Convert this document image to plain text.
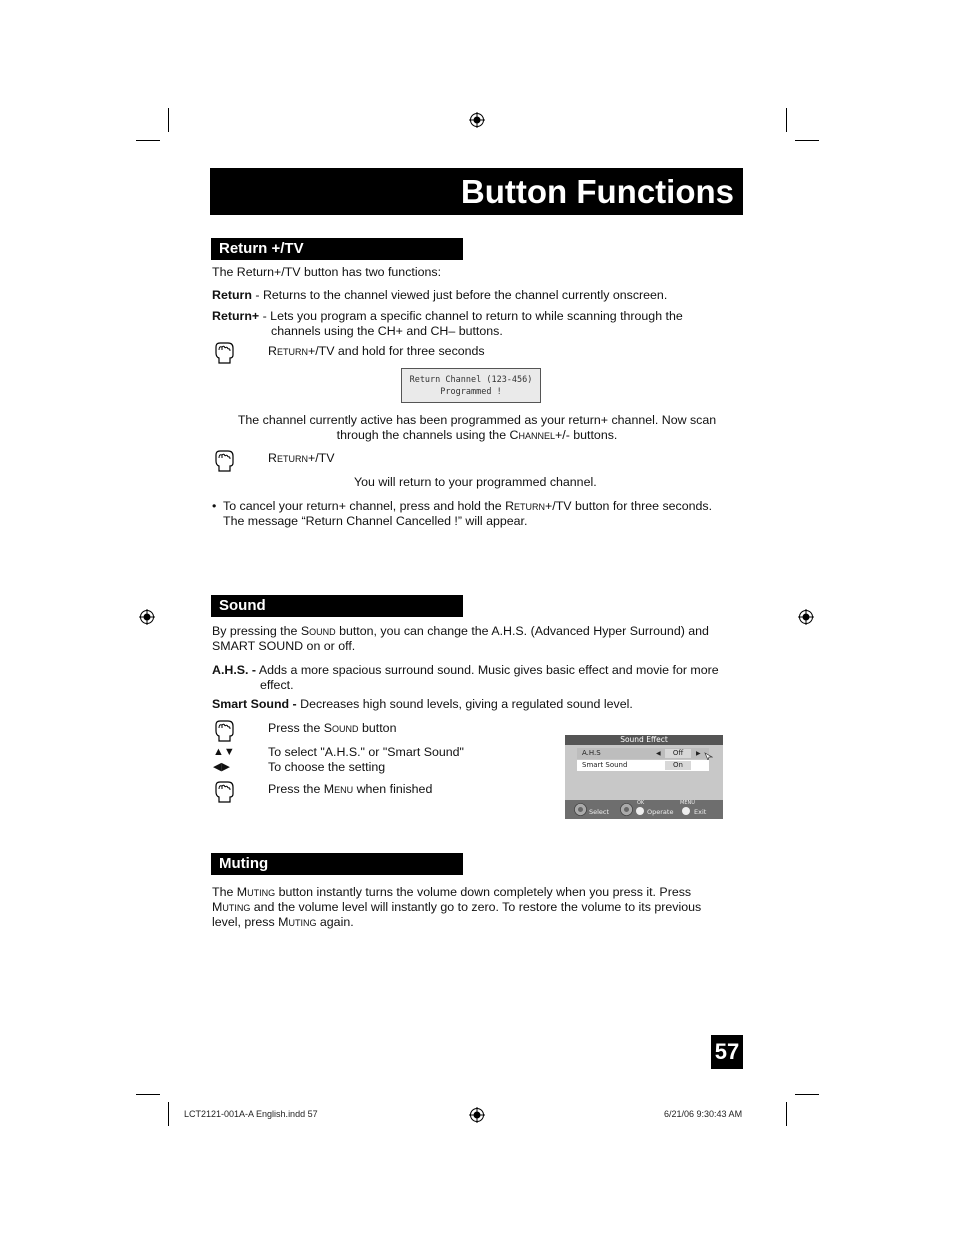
Button Functions
Return +/TV
The Return+/TV button has two functions:
Return - Returns to the channel viewed just before the channel currently onscreen.
Return+ - Lets you program a specific channel to return to while scanning through the
channels using the CH+ and CH– buttons.
Return+/TV and hold for three seconds
Return Channel (123-456)
Programmed !
The channel currently active has been programmed as your return+ channel. Now scan
through the channels using the Channel+/- buttons.
Return+/TV
You will return to your programmed channel.
• To cancel your return+ channel, press and hold the Return+/TV button for three seconds.
The message “Return Channel Cancelled !” will appear.
Sound
By pressing the Sound button, you can change the A.H.S. (Advanced Hyper Surround) and
SMART SOUND on or off.
A.H.S. - Adds a more spacious surround sound. Music gives basic effect and movie for more
effect.
Smart Sound - Decreases high sound levels, giving a regulated sound level.
Press the Sound button
▲▼	To select "A.H.S." or "Smart Sound"
◀▶	To choose the setting
Press the Menu when finished
Sound Effect
A.H.S	◀	Off	▶
Smart Sound	On
Select
OK
Operate
MENU
Exit
Muting
The Muting button instantly turns the volume down completely when you press it. Press
Muting and the volume level will instantly go to zero. To restore the volume to its previous
level, press Muting again.
57
LCT2121-001A-A English.indd 57	6/21/06 9:30:43 AM
